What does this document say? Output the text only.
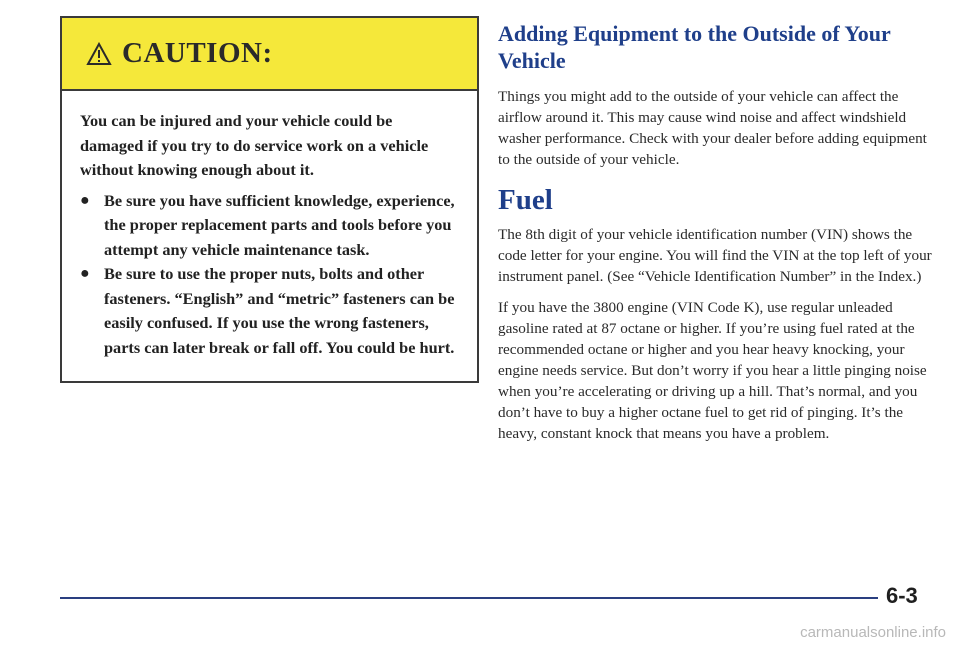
CAUTION:

You can be injured and your vehicle could be damaged if you try to do service work on a vehicle without knowing enough about it.

● Be sure you have sufficient knowledge, experience, the proper replacement parts and tools before you attempt any vehicle maintenance task.
● Be sure to use the proper nuts, bolts and other fasteners. “English” and “metric” fasteners can be easily confused. If you use the wrong fasteners, parts can later break or fall off. You could be hurt.
Adding Equipment to the Outside of Your Vehicle

Things you might add to the outside of your vehicle can affect the airflow around it. This may cause wind noise and affect windshield washer performance. Check with your dealer before adding equipment to the outside of your vehicle.

Fuel

The 8th digit of your vehicle identification number (VIN) shows the code letter for your engine. You will find the VIN at the top left of your instrument panel. (See “Vehicle Identification Number” in the Index.)

If you have the 3800 engine (VIN Code K), use regular unleaded gasoline rated at 87 octane or higher. If you’re using fuel rated at the recommended octane or higher and you hear heavy knocking, your engine needs service. But don’t worry if you hear a little pinging noise when you’re accelerating or driving up a hill. That’s normal, and you don’t have to buy a higher octane fuel to get rid of pinging. It’s the heavy, constant knock that means you have a problem.

6-3
carmanualsonline.info
